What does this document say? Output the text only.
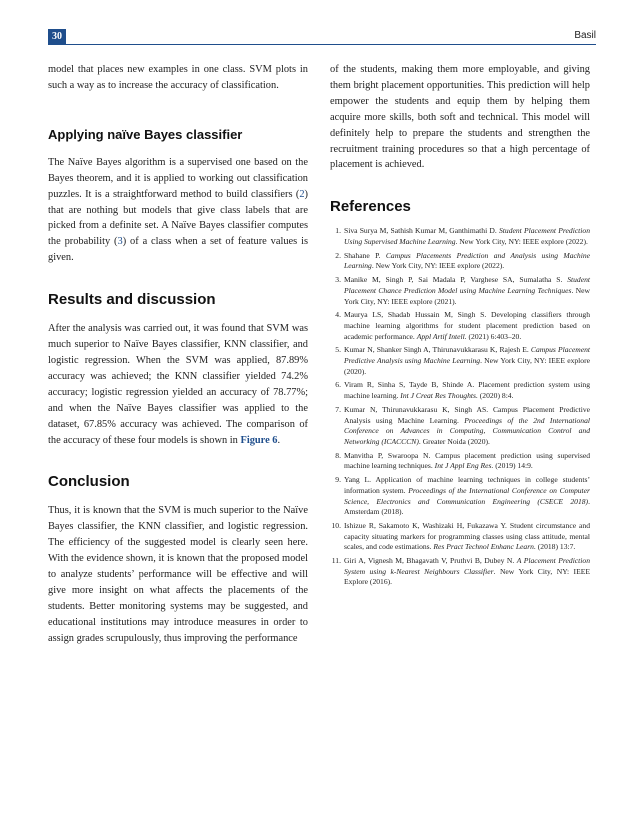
30	Basil

model that places new examples in one class. SVM plots in such a way as to increase the accuracy of classification.

Applying naïve Bayes classifier

The Naïve Bayes algorithm is a supervised one based on the Bayes theorem, and it is applied to working out classification puzzles. It is a straightforward method to build classifiers (2) that are nothing but models that give class labels that are picked from a definite set. A Naïve Bayes classifier computes the probability (3) of a class when a set of feature values is given.

Results and discussion

After the analysis was carried out, it was found that SVM was much superior to Naïve Bayes classifier, KNN classifier, and logistic regression. When the SVM was applied, 87.89% accuracy was achieved; the KNN classifier yielded 74.2% accuracy; logistic regression yielded an accuracy of 78.77%; and when the Naïve Bayes classifier was applied to the dataset, 67.85% accuracy was achieved. The comparison of the accuracy of these four models is shown in Figure 6.

Conclusion

Thus, it is known that the SVM is much superior to the Naïve Bayes classifier, the KNN classifier, and logistic regression. The efficiency of the suggested model is clearly seen here. With the evidence shown, it is known that the proposed model to analyze students’ performance will be effective and will give more insight on what affects the placements of the students. Better monitoring systems may be suggested, and educational institutions may introduce measures in order to assign grades scrupulously, thus improving the performance

of the students, making them more employable, and giving them bright placement opportunities. This prediction will help empower the students and equip them by helping them acquire more skills, both soft and technical. This model will definitely help to prepare the students and strengthen the recruitment training procedures so that a high percentage of placement is achieved.

References
1. Siva Surya M, Sathish Kumar M, Ganthimathi D. Student Placement Prediction Using Supervised Machine Learning. New York City, NY: IEEE explore (2022).
2. Shahane P. Campus Placements Prediction and Analysis using Machine Learning. New York City, NY: IEEE explore (2022).
3. Manike M, Singh P, Sai Madala P, Varghese SA, Sumalatha S. Student Placement Chance Prediction Model using Machine Learning Techniques. New York City, NY: IEEE explore (2021).
4. Maurya LS, Shadab Hussain M, Singh S. Developing classifiers through machine learning algorithms for student placement prediction based on academic performance. Appl Artif Intell. (2021) 6:403–20.
5. Kumar N, Shanker Singh A, Thirunavukkarasu K, Rajesh E. Campus Placement Predictive Analysis using Machine Learning. New York City, NY: IEEE explore (2020).
6. Viram R, Sinha S, Tayde B, Shinde A. Placement prediction system using machine learning. Int J Creat Res Thoughts. (2020) 8:4.
7. Kumar N, Thirunavukkarasu K, Singh AS. Campus Placement Predictive Analysis using Machine Learning. Proceedings of the 2nd International Conference on Advances in Computing, Communication Control and Networking (ICACCCN). Greater Noida (2020).
8. Manvitha P, Swaroopa N. Campus placement prediction using supervised machine learning techniques. Int J Appl Eng Res. (2019) 14:9.
9. Yang L. Application of machine learning techniques in college students’ information system. Proceedings of the International Conference on Computer Science, Electronics and Communication Engineering (CSECE 2018). Amsterdam (2018).
10. Ishizue R, Sakamoto K, Washizaki H, Fukazawa Y. Student circumstance and capacity situating markers for programming classes using class attitude, mental scales, and code estimations. Res Pract Technol Enhanc Learn. (2018) 13:7.
11. Giri A, Vignesh M, Bhagavath V, Pruthvi B, Dubey N. A Placement Prediction System using k-Nearest Neighbours Classifier. New York City, NY: IEEE Explore (2016).
